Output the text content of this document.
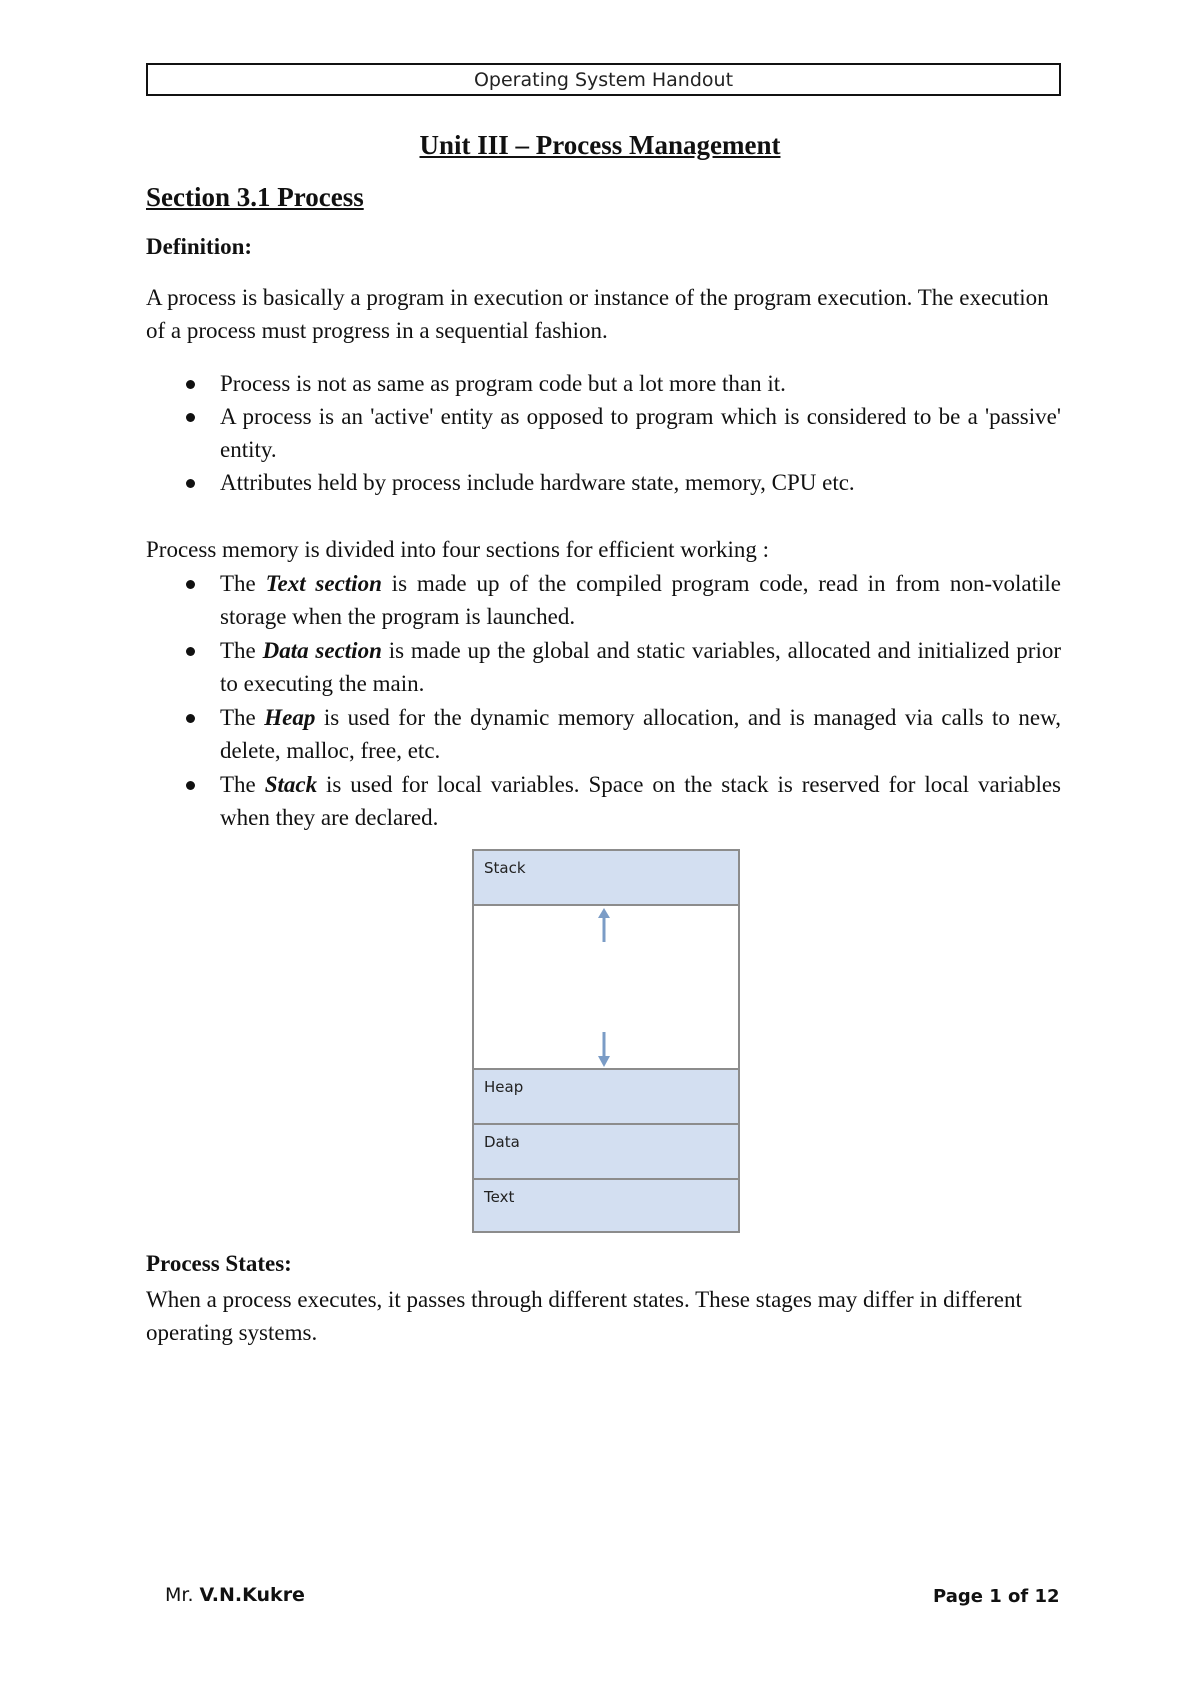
Operating System Handout
Unit III – Process Management
Section 3.1 Process
Definition:

A process is basically a program in execution or instance of the program execution. The execution of a process must progress in a sequential fashion.

Process is not as same as program code but a lot more than it.
A process is an 'active' entity as opposed to program which is considered to be a 'passive' entity.
Attributes held by process include hardware state, memory, CPU etc.

Process memory is divided into four sections for efficient working :

The Text section is made up of the compiled program code, read in from non-volatile storage when the program is launched.
The Data section is made up the global and static variables, allocated and initialized prior to executing the main.
The Heap is used for the dynamic memory allocation, and is managed via calls to new, delete, malloc, free, etc.
The Stack is used for local variables. Space on the stack is reserved for local variables when they are declared.
Stack
Heap
Data
Text
Process States:

When a process executes, it passes through different states. These stages may differ in different operating systems.

Mr. V.N.Kukre	Page 1 of 12
